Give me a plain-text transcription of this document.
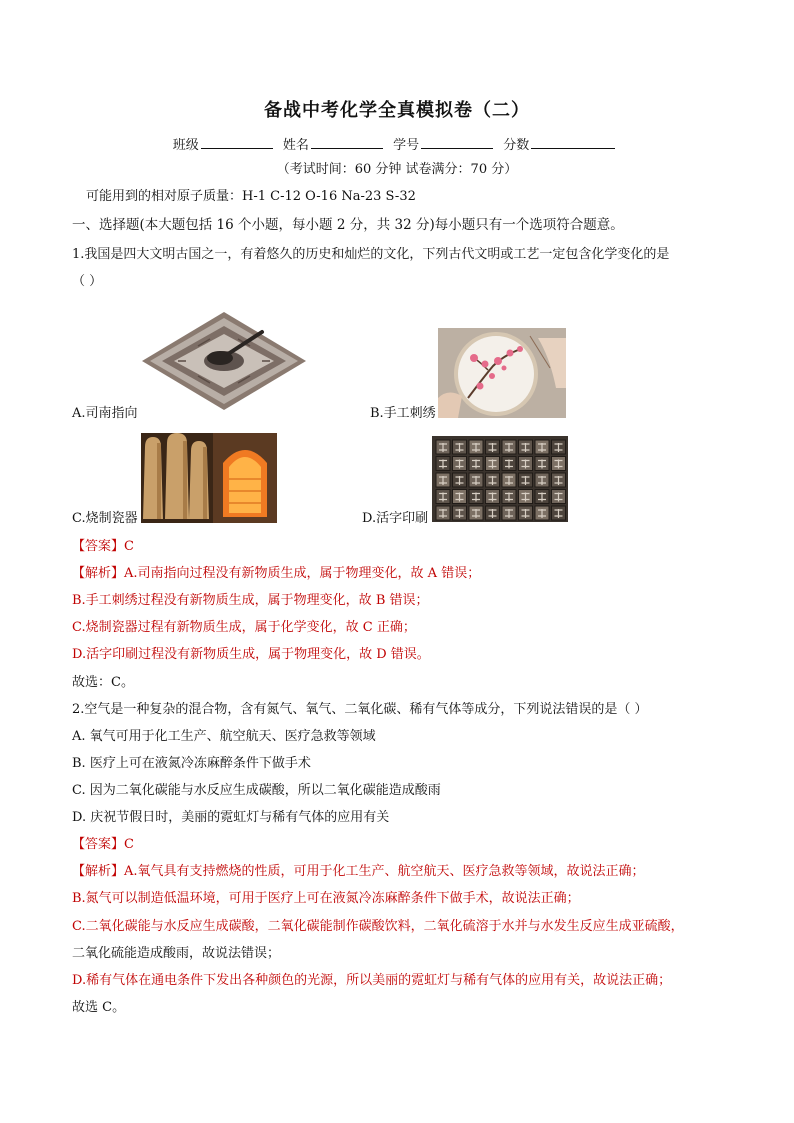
备战中考化学全真模拟卷（二）
班级	姓名	学号	分数
（考试时间：60 分钟 试卷满分：70 分）
可能用到的相对原子质量：H-1 C-12 O-16 Na-23 S-32
一、选择题(本大题包括 16 个小题，每小题 2 分，共 32 分)每小题只有一个选项符合题意。
1.我国是四大文明古国之一，有着悠久的历史和灿烂的文化，下列古代文明或工艺一定包含化学变化的是
（ ）
A.司南指向	B.手工刺绣
C.烧制瓷器	D.活字印刷
【答案】C
【解析】A.司南指向过程没有新物质生成，属于物理变化，故 A 错误；
B.手工刺绣过程没有新物质生成，属于物理变化，故 B 错误；
C.烧制瓷器过程有新物质生成，属于化学变化，故 C 正确；
D.活字印刷过程没有新物质生成，属于物理变化，故 D 错误。
故选：C。
2.空气是一种复杂的混合物，含有氮气、氧气、二氧化碳、稀有气体等成分，下列说法错误的是（ ）
A. 氧气可用于化工生产、航空航天、医疗急救等领域
B. 医疗上可在液氮冷冻麻醉条件下做手术
C. 因为二氧化碳能与水反应生成碳酸，所以二氧化碳能造成酸雨
D. 庆祝节假日时，美丽的霓虹灯与稀有气体的应用有关
【答案】C
【解析】A.氧气具有支持燃烧的性质，可用于化工生产、航空航天、医疗急救等领域，故说法正确；
B.氮气可以制造低温环境，可用于医疗上可在液氮冷冻麻醉条件下做手术，故说法正确；
C.二氧化碳能与水反应生成碳酸，二氧化碳能制作碳酸饮料，二氧化硫溶于水并与水发生反应生成亚硫酸，
二氧化硫能造成酸雨，故说法错误；
D.稀有气体在通电条件下发出各种颜色的光源，所以美丽的霓虹灯与稀有气体的应用有关，故说法正确；
故选 C。
